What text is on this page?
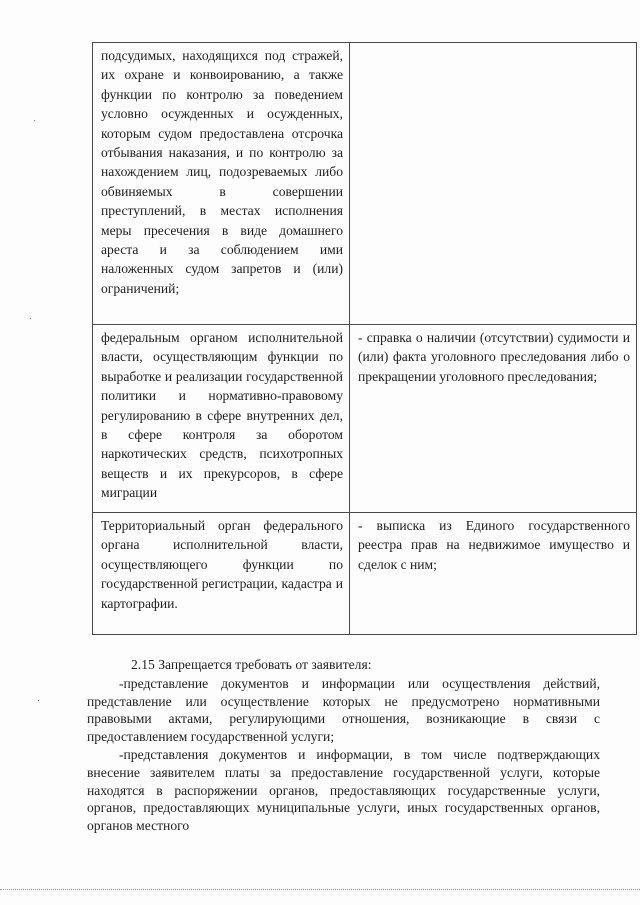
подсудимых, находящихся под стражей, их охране и конвоированию, а также функции по контролю за поведением условно осужденных и осужденных, которым судом предоставлена отсрочка отбывания наказания, и по контролю за нахождением лиц, подозреваемых либо обвиняемых в совершении преступлений, в местах исполнения меры пресечения в виде домашнего ареста и за соблюдением ими наложенных судом запретов и (или) ограничений;	

федеральным органом исполнительной власти, осуществляющим функции по выработке и реализации государственной политики и нормативно-правовому регулированию в сфере внутренних дел, в сфере контроля за оборотом наркотических средств, психотропных веществ и их прекурсоров, в сфере миграции	- справка о наличии (отсутствии) судимости и (или) факта уголовного преследования либо о прекращении уголовного преследования;

Территориальный орган федерального органа исполнительной власти, осуществляющего функции по государственной регистрации, кадастра и картографии.	- выписка из Единого государственного реестра прав на недвижимое имущество и сделок с ним;

2.15 Запрещается требовать от заявителя:

-представление документов и информации или осуществления действий, представление или осуществление которых не предусмотрено нормативными правовыми актами, регулирующими отношения, возникающие в связи с предоставлением государственной услуги;

-представления документов и информации, в том числе подтверждающих внесение заявителем платы за предоставление государственной услуги, которые находятся в распоряжении органов, предоставляющих государственные услуги, органов, предоставляющих муниципальные услуги, иных государственных органов, органов местного
